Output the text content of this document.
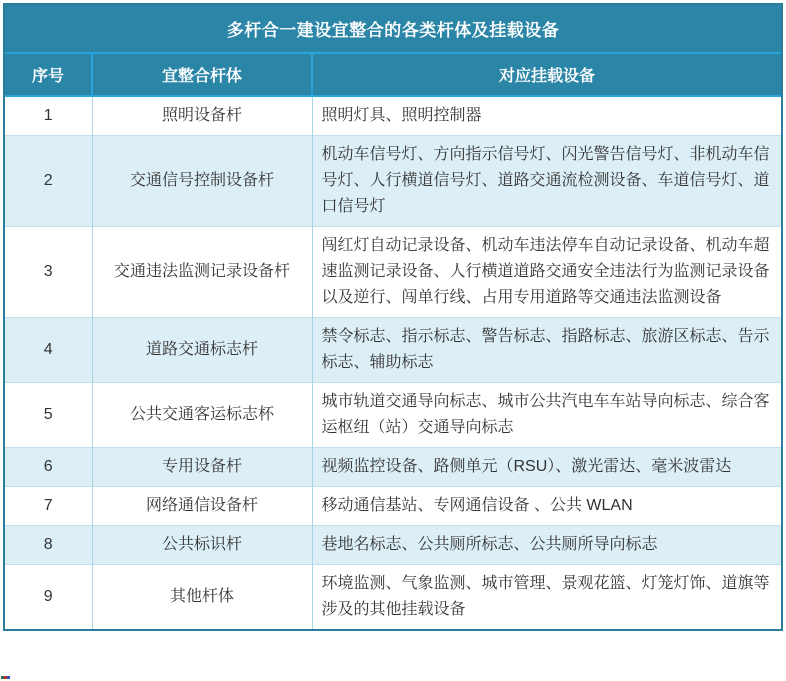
多杆合一建设宜整合的各类杆体及挂载设备
序号	宜整合杆体	对应挂载设备
1	照明设备杆	照明灯具、照明控制器
2	交通信号控制设备杆	机动车信号灯、方向指示信号灯、闪光警告信号灯、非机动车信号灯、人行横道信号灯、道路交通流检测设备、车道信号灯、道口信号灯
3	交通违法监测记录设备杆	闯红灯自动记录设备、机动车违法停车自动记录设备、机动车超速监测记录设备、人行横道道路交通安全违法行为监测记录设备以及逆行、闯单行线、占用专用道路等交通违法监测设备
4	道路交通标志杆	禁令标志、指示标志、警告标志、指路标志、旅游区标志、告示标志、辅助标志
5	公共交通客运标志杯	城市轨道交通导向标志、城市公共汽电车车站导向标志、综合客运枢纽（站）交通导向标志
6	专用设备杆	视频监控设备、路侧单元（RSU）、激光雷达、毫米波雷达
7	网络通信设备杆	移动通信基站、专网通信设备 、公共 WLAN
8	公共标识杆	巷地名标志、公共厕所标志、公共厕所导向标志
9	其他杆体	环境监测、气象监测、城市管理、景观花篮、灯笼灯饰、道旗等涉及的其他挂载设备
